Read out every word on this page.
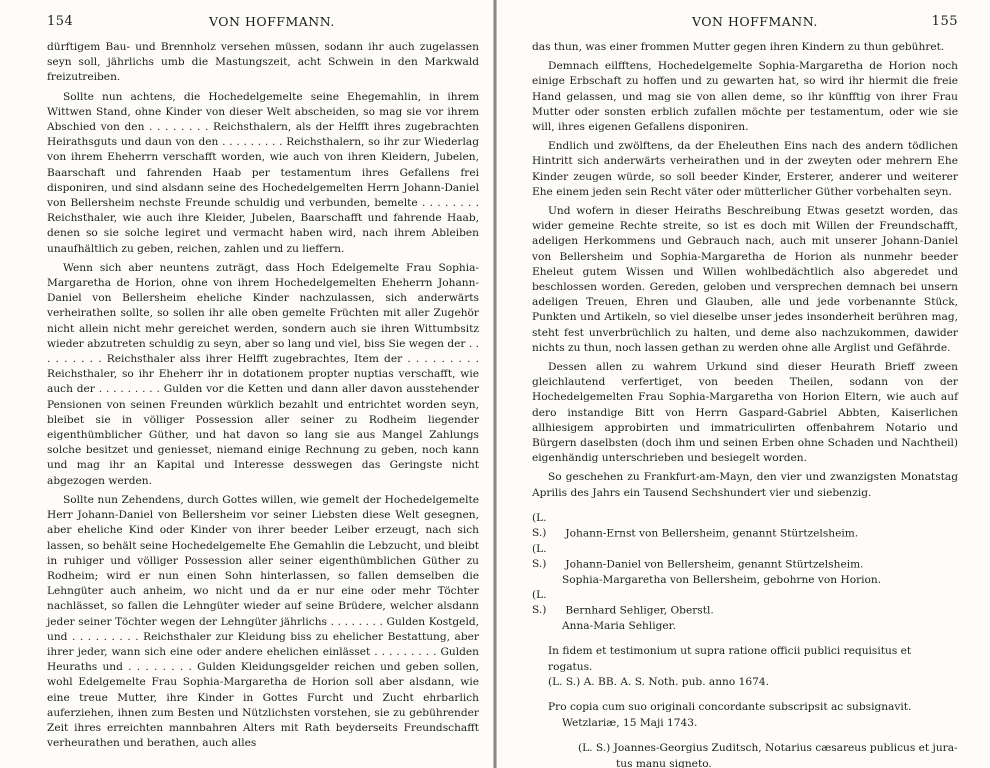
154	VON HOFFMANN.

dürftigem Bau- und Brennholz versehen müssen, sodann ihr auch zugelassen seyn soll, jährlichs umb die Mastungszeit, acht Schwein in den Markwald freizutreiben.

Sollte nun achtens, die Hochedelgemelte seine Ehegemahlin, in ihrem Wittwen Stand, ohne Kinder von dieser Welt abscheiden, so mag sie vor ihrem Abschied von den . . . . . . . . Reichsthalern, als der Helfft ihres zugebrachten Heirathsguts und daun von den . . . . . . . . . Reichsthalern, so ihr zur Wiederlag von ihrem Eheherrn verschafft worden, wie auch von ihren Kleidern, Jubelen, Baarschaft und fahrenden Haab per testamentum ihres Gefallens frei disponiren, und sind alsdann seine des Hochedelgemelten Herrn Johann-Daniel von Bellersheim nechste Freunde schuldig und verbunden, bemelte . . . . . . . . Reichsthaler, wie auch ihre Kleider, Jubelen, Baarschafft und fahrende Haab, denen so sie solche legiret und vermacht haben wird, nach ihrem Ableiben unaufhältlich zu geben, reichen, zahlen und zu lieffern.

Wenn sich aber neuntens zuträgt, dass Hoch Edelgemelte Frau Sophia-Margaretha de Horion, ohne von ihrem Hochedelgemelten Eheherrn Johann-Daniel von Bellersheim eheliche Kinder nachzulassen, sich anderwärts verheirathen sollte, so sollen ihr alle oben gemelte Früchten mit aller Zugehör nicht allein nicht mehr gereichet werden, sondern auch sie ihren Wittumbsitz wieder abzutreten schuldig zu seyn, aber so lang und viel, biss Sie wegen der . . . . . . . . . Reichsthaler alss ihrer Helfft zugebrachtes, Item der . . . . . . . . . Reichsthaler, so ihr Eheherr ihr in dotationem propter nuptias verschafft, wie auch der . . . . . . . . . Gulden vor die Ketten und dann aller davon ausstehender Pensionen von seinen Freunden würklich bezahlt und entrichtet worden seyn, bleibet sie in völliger Possession aller seiner zu Rodheim liegender eigenthümblicher Güther, und hat davon so lang sie aus Mangel Zahlungs solche besitzet und geniesset, niemand einige Rechnung zu geben, noch kann und mag ihr an Kapital und Interesse desswegen das Geringste nicht abgezogen werden.

Sollte nun Zehendens, durch Gottes willen, wie gemelt der Hochedelgemelte Herr Johann-Daniel von Bellersheim vor seiner Liebsten diese Welt gesegnen, aber eheliche Kind oder Kinder von ihrer beeder Leiber erzeugt, nach sich lassen, so behält seine Hochedelgemelte Ehe Gemahlin die Lebzucht, und bleibt in ruhiger und völliger Possession aller seiner eigenthümblichen Güther zu Rodheim; wird er nun einen Sohn hinterlassen, so fallen demselben die Lehngüter auch anheim, wo nicht und da er nur eine oder mehr Töchter nachlässet, so fallen die Lehngüter wieder auf seine Brüdere, welcher alsdann jeder seiner Töchter wegen der Lehngüter jährlichs . . . . . . . . Gulden Kostgeld, und . . . . . . . . . Reichsthaler zur Kleidung biss zu ehelicher Bestattung, aber ihrer jeder, wann sich eine oder andere ehelichen einlässet . . . . . . . . . Gulden Heuraths und . . . . . . . . Gulden Kleidungsgelder reichen und geben sollen, wohl Edelgemelte Frau Sophia-Margaretha de Horion soll aber alsdann, wie eine treue Mutter, ihre Kinder in Gottes Furcht und Zucht ehrbarlich auferziehen, ihnen zum Besten und Nützlichsten vorstehen, sie zu gebührender Zeit ihres erreichten mannbahren Alters mit Rath beyderseits Freundschafft verheurathen und berathen, auch alles

VON HOFFMANN.	155

das thun, was einer frommen Mutter gegen ihren Kindern zu thun gebühret.

Demnach eilfftens, Hochedelgemelte Sophia-Margaretha de Horion noch einige Erbschaft zu hoffen und zu gewarten hat, so wird ihr hiermit die freie Hand gelassen, und mag sie von allen deme, so ihr künfftig von ihrer Frau Mutter oder sonsten erblich zufallen möchte per testamentum, oder wie sie will, ihres eigenen Gefallens disponiren.

Endlich und zwölftens, da der Eheleuthen Eins nach des andern tödlichen Hintritt sich anderwärts verheirathen und in der zweyten oder mehrern Ehe Kinder zeugen würde, so soll beeder Kinder, Ersterer, anderer und weiterer Ehe einem jeden sein Recht väter oder mütterlicher Güther vorbehalten seyn.

Und wofern in dieser Heiraths Beschreibung Etwas gesetzt worden, das wider gemeine Rechte streite, so ist es doch mit Willen der Freundschafft, adeligen Herkommens und Gebrauch nach, auch mit unserer Johann-Daniel von Bellersheim und Sophia-Margaretha de Horion als nunmehr beeder Eheleut gutem Wissen und Willen wohlbedächtlich also abgeredet und beschlossen worden. Gereden, geloben und versprechen demnach bei unsern adeligen Treuen, Ehren und Glauben, alle und jede vorbenannte Stück, Punkten und Artikeln, so viel dieselbe unser jedes insonderheit berühren mag, steht fest unverbrüchlich zu halten, und deme also nachzukommen, dawider nichts zu thun, noch lassen gethan zu werden ohne alle Arglist und Gefährde.

Dessen allen zu wahrem Urkund sind dieser Heurath Brieff zween gleichlautend verfertiget, von beeden Theilen, sodann von der Hochedelgemelten Frau Sophia-Margaretha von Horion Eltern, wie auch auf dero instandige Bitt von Herrn Gaspard-Gabriel Abbten, Kaiserlichen allhiesigem approbirten und immatriculirten offenbahrem Notario und Bürgern daselbsten (doch ihm und seinen Erben ohne Schaden und Nachtheil) eigenhändig unterschrieben und besiegelt worden.

So geschehen zu Frankfurt-am-Mayn, den vier und zwanzigsten Monatstag Aprilis des Jahrs ein Tausend Sechshundert vier und siebenzig.

(L. S.) Johann-Ernst von Bellersheim, genannt Stürtzelsheim.
(L. S.) Johann-Daniel von Bellersheim, genannt Stürtzelsheim.
Sophia-Margaretha von Bellersheim, gebohrne von Horion.
(L. S.) Bernhard Sehliger, Oberstl.
Anna-Maria Sehliger.
In fidem et testimonium ut supra ratione officii publici requisitus et rogatus.
(L. S.) A. BB. A. S. Noth. pub. anno 1674.
Pro copia cum suo originali concordante subscripsit ac subsignavit.
Wetzlariæ, 15 Maji 1743.
(L. S.) Joannes-Georgius Zuditsch, Notarius cæsareus publicus et jura-
tus manu signeto.
